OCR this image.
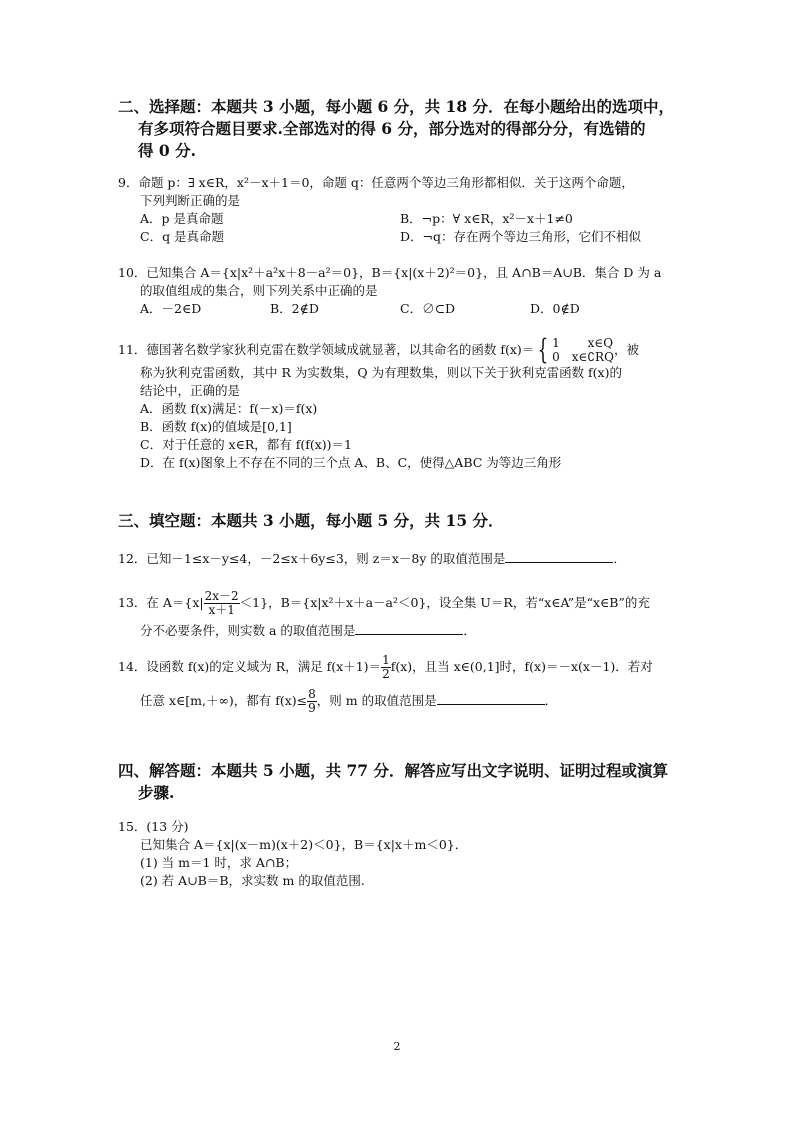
二、选择题：本题共 3 小题，每小题 6 分，共 18 分．在每小题给出的选项中，
有多项符合题目要求.全部选对的得 6 分，部分选对的得部分分，有选错的
得 0 分.
9．命题 p：∃ x∈R，x²－x＋1＝0，命题 q：任意两个等边三角形都相似．关于这两个命题，
下列判断正确的是
A．p 是真命题	B．¬p：∀ x∈R，x²－x＋1≠0
C．q 是真命题	D．¬q：存在两个等边三角形，它们不相似
10．已知集合 A＝{x|x²＋a²x＋8－a²＝0}，B＝{x|(x＋2)²＝0}，且 A∩B＝A∪B．集合 D 为 a
的取值组成的集合，则下列关系中正确的是
A．－2∈D	B．2∉D	C．∅⊂D	D．0∉D
11．德国著名数学家狄利克雷在数学领域成就显著，以其命名的函数 f(x)＝ { 1　　 x∈Q
0　x∈∁RQ ，被
称为狄利克雷函数，其中 R 为实数集，Q 为有理数集，则以下关于狄利克雷函数 f(x)的
结论中，正确的是
A．函数 f(x)满足：f(－x)＝f(x)
B．函数 f(x)的值域是[0,1]
C．对于任意的 x∈R，都有 f(f(x))＝1
D．在 f(x)图象上不存在不同的三个点 A、B、C，使得△ABC 为等边三角形
三、填空题：本题共 3 小题，每小题 5 分，共 15 分．
12．已知－1≤x－y≤4，－2≤x＋6y≤3，则 z＝x－8y 的取值范围是	．
13．在 $A=\{x| \frac{2x-2}{x+1} <1\}$，B＝{x|x²＋x＋a－a²＜0}，设全集 U＝R，若“x∈A”是“x∈B”的充
分不必要条件，则实数 a 的取值范围是	．
14．设函数 f(x)的定义域为 R，满足 $f(x+1)= \frac{1}{2} f(x)$，且当 x∈(0,1]时，f(x)＝－x(x－1)．若对
任意 x∈[m,＋∞)，都有 $f(x)\le \frac{8}{9}$ ，则 m 的取值范围是	．
四、解答题：本题共 5 小题，共 77 分．解答应写出文字说明、证明过程或演算
步骤.
15．(13 分)
已知集合 A＝{x|(x－m)(x＋2)＜0}，B＝{x|x＋m＜0}．
(1) 当 m＝1 时，求 A∩B；
(2) 若 A∪B＝B，求实数 m 的取值范围.
2
